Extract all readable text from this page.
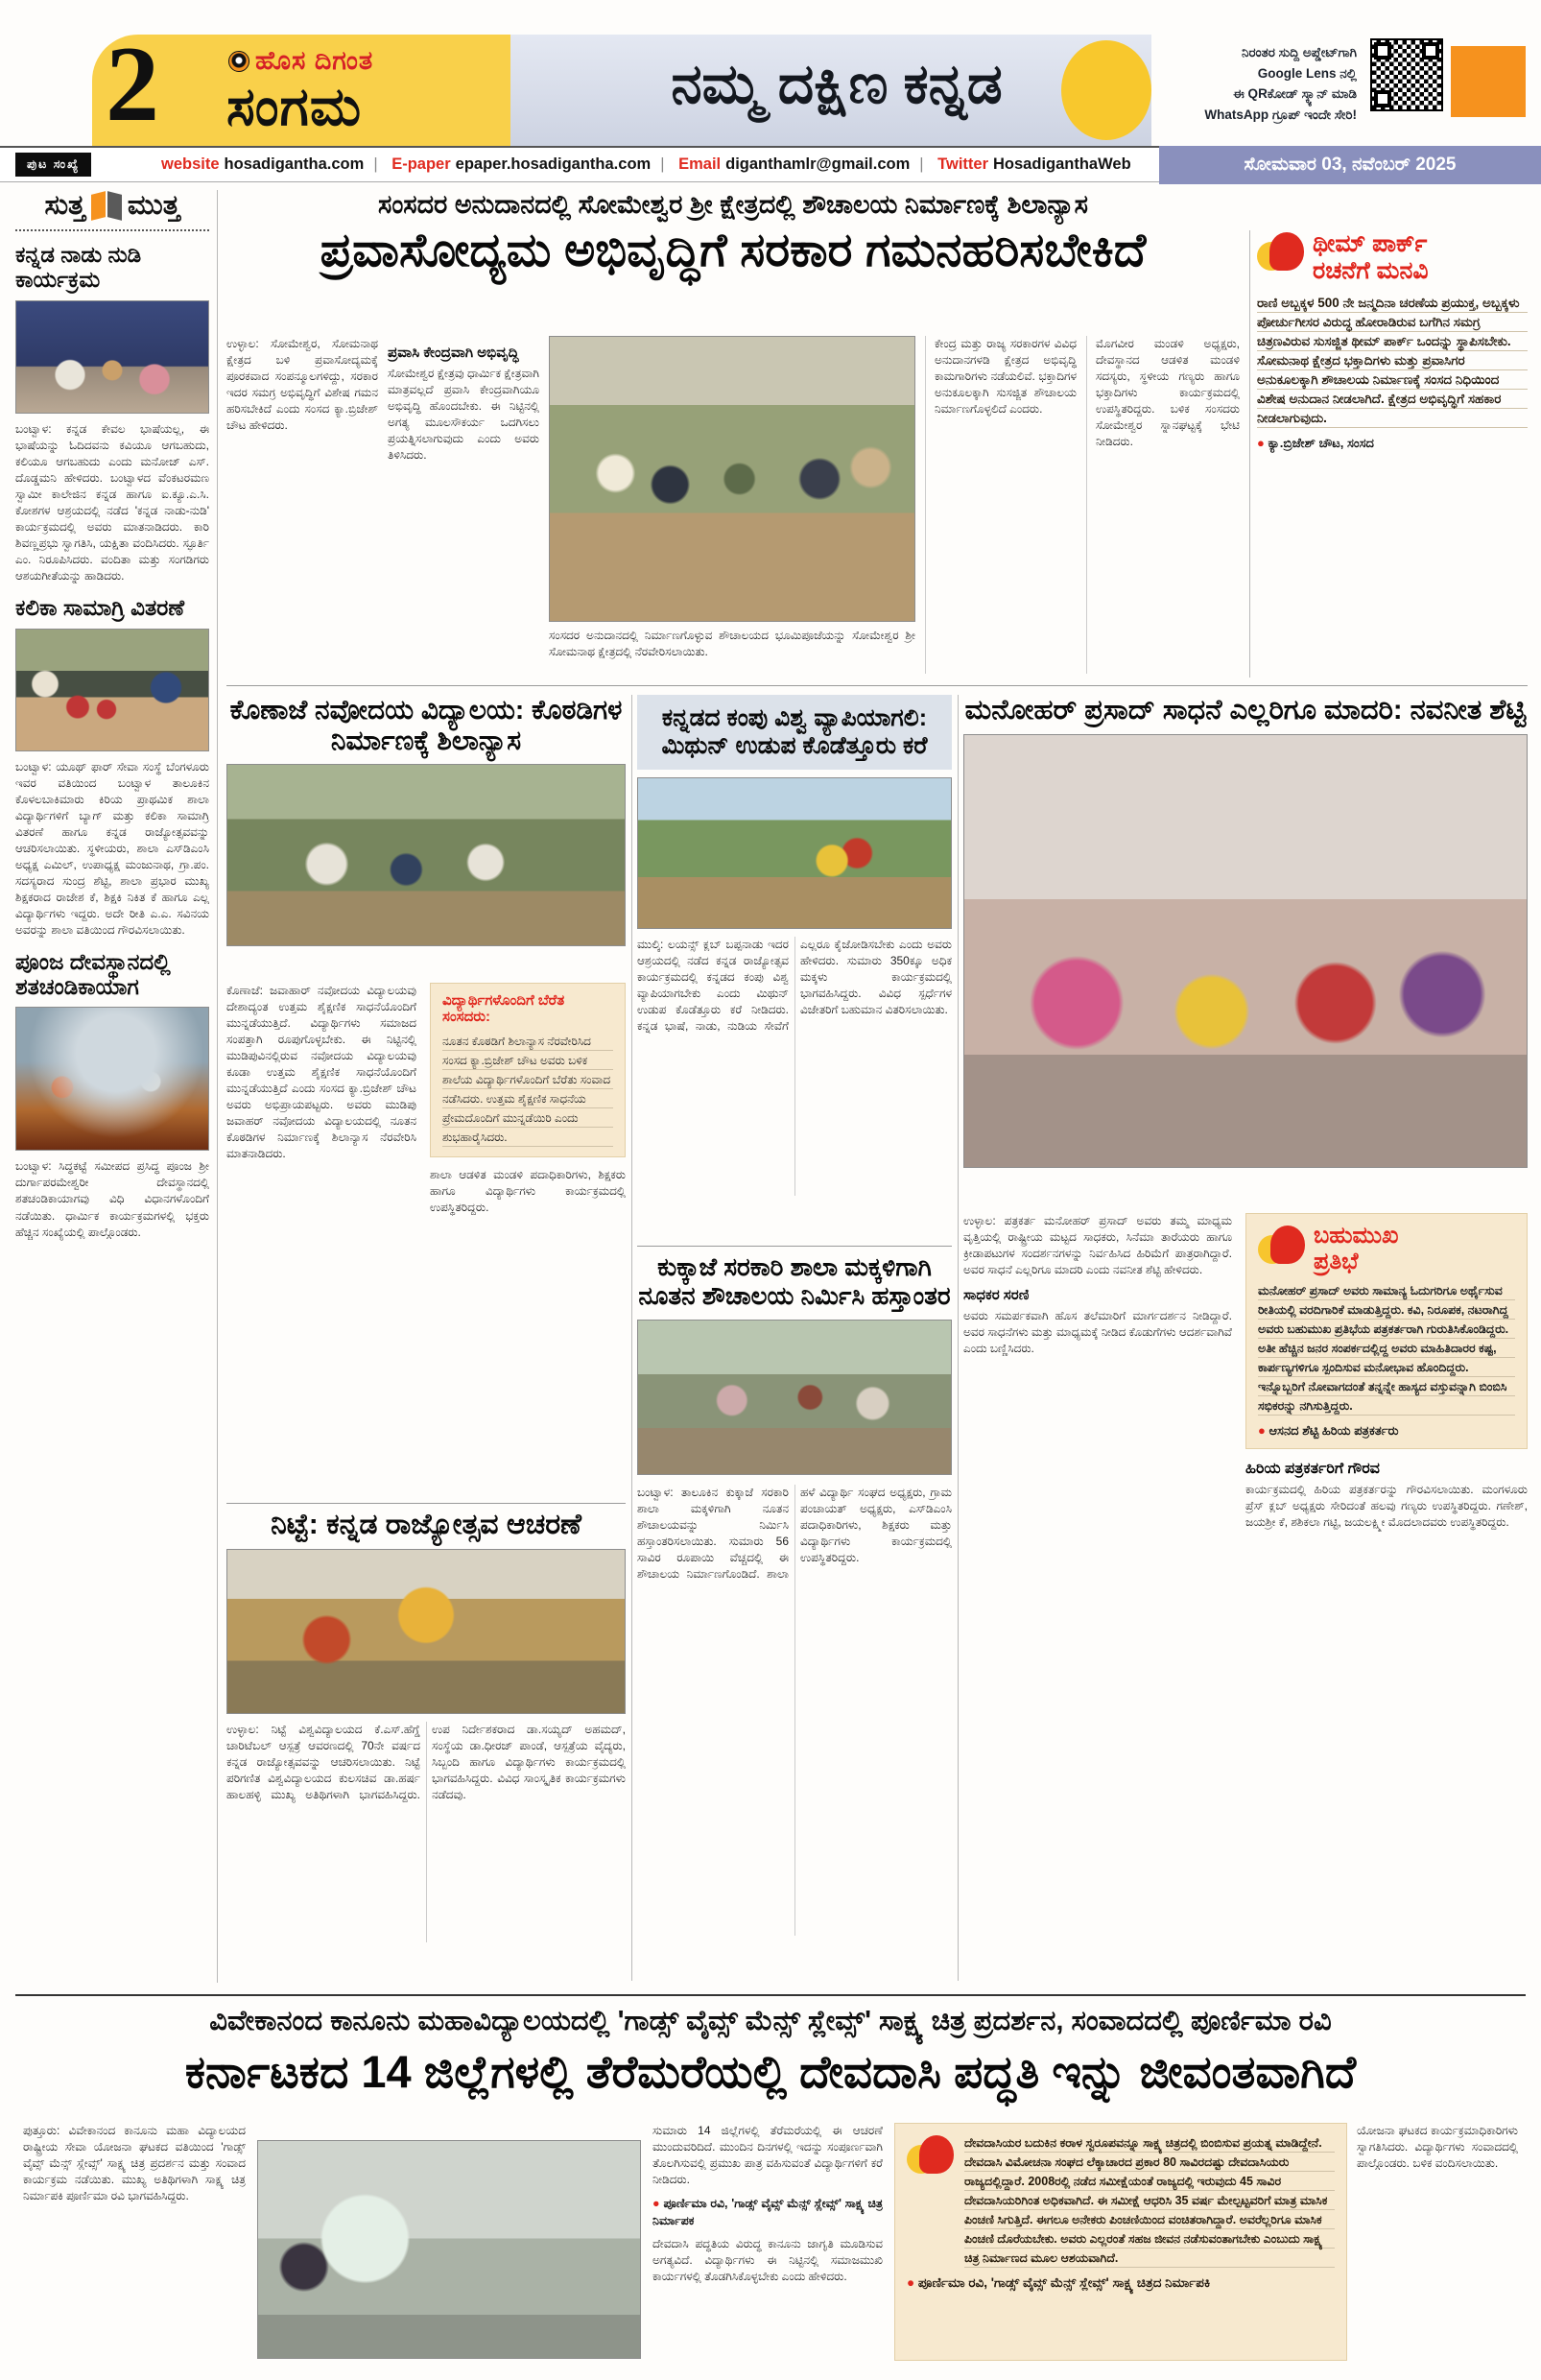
2	ಹೊಸ ದಿಗಂತ
ಸಂಗಮ	ನಮ್ಮ ದಕ್ಷಿಣ ಕನ್ನಡ
ನಿರಂತರ ಸುದ್ದಿ ಅಪ್ಡೇಟ್‌ಗಾಗಿ
Google Lens ನಲ್ಲಿ
ಈ QRಕೋಡ್ ಸ್ಕ್ಯಾನ್ ಮಾಡಿ
WhatsApp ಗ್ರೂಪ್ ಇಂದೇ ಸೇರಿ!
ಪುಟ ಸಂಖ್ಯೆ	website hosadigantha.com | E-paper epaper.hosadigantha.com | Email diganthamlr@gmail.com | Twitter HosadiganthaWeb	ಸೋಮವಾರ 03, ನವೆಂಬರ್ 2025
ಸುತ್ತ ಮುತ್ತ
ಕನ್ನಡ ನಾಡು ನುಡಿ ಕಾರ್ಯಕ್ರಮ
ಬಂಟ್ವಾಳ: ಕನ್ನಡ ಕೇವಲ ಭಾಷೆಯಲ್ಲ, ಈ ಭಾಷೆಯನ್ನು ಓದಿದವನು ಕವಿಯೂ ಆಗಬಹುದು, ಕಲಿಯೂ ಆಗಬಹುದು ಎಂದು ಮನೋಜ್ ಎಸ್. ದೊಡ್ಡಮನಿ ಹೇಳಿದರು. ಬಂಟ್ವಾಳದ ವೆಂಕಟರಮಣ ಸ್ವಾಮೀ ಕಾಲೇಜಿನ ಕನ್ನಡ ಹಾಗೂ ಐ.ಕ್ಯೂ.ಎ.ಸಿ. ಕೋಶಗಳ ಆಶ್ರಯದಲ್ಲಿ ನಡೆದ 'ಕನ್ನಡ ನಾಡು-ನುಡಿ' ಕಾರ್ಯಕ್ರಮದಲ್ಲಿ ಅವರು ಮಾತನಾಡಿದರು. ಕಾರಿ ಶಿವಣ್ಣಪ್ರಭು ಸ್ವಾಗತಿಸಿ, ಯಕ್ಷಿತಾ ವಂದಿಸಿದರು. ಸ್ಫೂರ್ತಿ ಎಂ. ನಿರೂಪಿಸಿದರು. ವಂದಿತಾ ಮತ್ತು ಸಂಗಡಿಗರು ಆಶಯಗೀತೆಯನ್ನು ಹಾಡಿದರು.
ಕಲಿಕಾ ಸಾಮಾಗ್ರಿ ವಿತರಣೆ
ಬಂಟ್ವಾಳ: ಯೂಥ್ ಫಾರ್ ಸೇವಾ ಸಂಸ್ಥೆ ಬೆಂಗಳೂರು ಇವರ ವತಿಯಿಂದ ಬಂಟ್ವಾಳ ತಾಲೂಕಿನ ಕೊಳಲಬಾಕಿಮಾರು ಕಿರಿಯ ಪ್ರಾಥಮಿಕ ಶಾಲಾ ವಿದ್ಯಾರ್ಥಿಗಳಿಗೆ ಬ್ಯಾಗ್ ಮತ್ತು ಕಲಿಕಾ ಸಾಮಾಗ್ರಿ ವಿತರಣೆ ಹಾಗೂ ಕನ್ನಡ ರಾಜ್ಯೋತ್ಸವವನ್ನು ಆಚರಿಸಲಾಯಿತು. ಸ್ಥಳೀಯರು, ಶಾಲಾ ಎಸ್‌ಡಿಎಂಸಿ ಅಧ್ಯಕ್ಷ ಎಮಿಲ್, ಉಪಾಧ್ಯಕ್ಷ ಮಂಜುನಾಥ, ಗ್ರಾ.ಪಂ. ಸದಸ್ಯರಾದ ಸುಂದ್ರ ಶೆಟ್ಟಿ, ಶಾಲಾ ಪ್ರಭಾರ ಮುಖ್ಯ ಶಿಕ್ಷಕರಾದ ರಾಜೇಶ ಕೆ, ಶಿಕ್ಷಕಿ ನಿಕಿತ ಕೆ ಹಾಗೂ ಎಲ್ಲ ವಿದ್ಯಾರ್ಥಿಗಳು ಇದ್ದರು. ಅದೇ ರೀತಿ ಎ.ಎ. ಸವಿನಯ ಅವರನ್ನು ಶಾಲಾ ವತಿಯಿಂದ ಗೌರವಿಸಲಾಯಿತು.
ಪೂಂಜ ದೇವಸ್ಥಾನದಲ್ಲಿ ಶತಚಂಡಿಕಾಯಾಗ
ಬಂಟ್ವಾಳ: ಸಿದ್ಧಕಟ್ಟೆ ಸಮೀಪದ ಪ್ರಸಿದ್ಧ ಪೂಂಜ ಶ್ರೀ ದುರ್ಗಾಪರಮೇಶ್ವರೀ ದೇವಸ್ಥಾನದಲ್ಲಿ ಶತಚಂಡಿಕಾಯಾಗವು ವಿಧಿ ವಿಧಾನಗಳೊಂದಿಗೆ ನಡೆಯಿತು. ಧಾರ್ಮಿಕ ಕಾರ್ಯಕ್ರಮಗಳಲ್ಲಿ ಭಕ್ತರು ಹೆಚ್ಚಿನ ಸಂಖ್ಯೆಯಲ್ಲಿ ಪಾಲ್ಗೊಂಡರು.
ಸಂಸದರ ಅನುದಾನದಲ್ಲಿ ಸೋಮೇಶ್ವರ ಶ್ರೀ ಕ್ಷೇತ್ರದಲ್ಲಿ ಶೌಚಾಲಯ ನಿರ್ಮಾಣಕ್ಕೆ ಶಿಲಾನ್ಯಾಸ
ಪ್ರವಾಸೋದ್ಯಮ ಅಭಿವೃದ್ಧಿಗೆ ಸರಕಾರ ಗಮನಹರಿಸಬೇಕಿದೆ
ಉಳ್ಳಾಲ: ಸೋಮೇಶ್ವರ, ಸೋಮನಾಥ ಕ್ಷೇತ್ರದ ಬಳಿ ಪ್ರವಾಸೋದ್ಯಮಕ್ಕೆ ಪೂರಕವಾದ ಸಂಪನ್ಮೂಲಗಳಿದ್ದು, ಸರಕಾರ ಇದರ ಸಮಗ್ರ ಅಭಿವೃದ್ಧಿಗೆ ವಿಶೇಷ ಗಮನ ಹರಿಸಬೇಕಿದೆ ಎಂದು ಸಂಸದ ಕ್ಯಾ.ಬ್ರಿಜೇಶ್ ಚೌಟ ಹೇಳಿದರು.
ಪ್ರವಾಸಿ ಕೇಂದ್ರವಾಗಿ ಅಭಿವೃದ್ಧಿ
ಸೋಮೇಶ್ವರ ಕ್ಷೇತ್ರವು ಧಾರ್ಮಿಕ ಕ್ಷೇತ್ರವಾಗಿ ಮಾತ್ರವಲ್ಲದೆ ಪ್ರವಾಸಿ ಕೇಂದ್ರವಾಗಿಯೂ ಅಭಿವೃದ್ಧಿ ಹೊಂದಬೇಕು. ಈ ನಿಟ್ಟಿನಲ್ಲಿ ಅಗತ್ಯ ಮೂಲಸೌಕರ್ಯ ಒದಗಿಸಲು ಪ್ರಯತ್ನಿಸಲಾಗುವುದು ಎಂದು ಅವರು ತಿಳಿಸಿದರು.
ಸಂಸದರ ಅನುದಾನದಲ್ಲಿ ನಿರ್ಮಾಣಗೊಳ್ಳುವ ಶೌಚಾಲಯದ ಭೂಮಿಪೂಜೆಯನ್ನು ಸೋಮೇಶ್ವರ ಶ್ರೀ ಸೋಮನಾಥ ಕ್ಷೇತ್ರದಲ್ಲಿ ನೆರವೇರಿಸಲಾಯಿತು.
ಕೇಂದ್ರ ಮತ್ತು ರಾಜ್ಯ ಸರಕಾರಗಳ ವಿವಿಧ ಅನುದಾನಗಳಡಿ ಕ್ಷೇತ್ರದ ಅಭಿವೃದ್ಧಿ ಕಾಮಗಾರಿಗಳು ನಡೆಯಲಿವೆ. ಭಕ್ತಾದಿಗಳ ಅನುಕೂಲಕ್ಕಾಗಿ ಸುಸಜ್ಜಿತ ಶೌಚಾಲಯ ನಿರ್ಮಾಣಗೊಳ್ಳಲಿದೆ ಎಂದರು.
ಮೊಗವೀರ ಮಂಡಳಿ ಅಧ್ಯಕ್ಷರು, ದೇವಸ್ಥಾನದ ಆಡಳಿತ ಮಂಡಳಿ ಸದಸ್ಯರು, ಸ್ಥಳೀಯ ಗಣ್ಯರು ಹಾಗೂ ಭಕ್ತಾದಿಗಳು ಕಾರ್ಯಕ್ರಮದಲ್ಲಿ ಉಪಸ್ಥಿತರಿದ್ದರು. ಬಳಿಕ ಸಂಸದರು ಸೋಮೇಶ್ವರ ಸ್ನಾನಘಟ್ಟಕ್ಕೆ ಭೇಟಿ ನೀಡಿದರು.
ಥೀಮ್ ಪಾರ್ಕ್
ರಚನೆಗೆ ಮನವಿ
ರಾಣಿ ಅಬ್ಬಕ್ಕಳ 500 ನೇ ಜನ್ಮದಿನಾ ಚರಣೆಯ ಪ್ರಯುಕ್ತ, ಅಬ್ಬಕ್ಕಳು ಪೋರ್ಚುಗೀಸರ ವಿರುದ್ಧ ಹೋರಾಡಿರುವ ಬಗೆಗಿನ ಸಮಗ್ರ ಚಿತ್ರಣವಿರುವ ಸುಸಜ್ಜಿತ ಥೀಮ್ ಪಾರ್ಕ್ ಒಂದನ್ನು ಸ್ಥಾಪಿಸಬೇಕು. ಸೋಮನಾಥ ಕ್ಷೇತ್ರದ ಭಕ್ತಾದಿಗಳು ಮತ್ತು ಪ್ರವಾಸಿಗರ ಅನುಕೂಲಕ್ಕಾಗಿ ಶೌಚಾಲಯ ನಿರ್ಮಾಣಕ್ಕೆ ಸಂಸದ ನಿಧಿಯಿಂದ ವಿಶೇಷ ಅನುದಾನ ನೀಡಲಾಗಿದೆ. ಕ್ಷೇತ್ರದ ಅಭಿವೃದ್ಧಿಗೆ ಸಹಕಾರ ನೀಡಲಾಗುವುದು.
● ಕ್ಯಾ.ಬ್ರಿಜೇಶ್ ಚೌಟ, ಸಂಸದ
ಕೊಣಾಜೆ ನವೋದಯ ವಿದ್ಯಾಲಯ: ಕೊಠಡಿಗಳ ನಿರ್ಮಾಣಕ್ಕೆ ಶಿಲಾನ್ಯಾಸ
ಕೊಣಾಜೆ: ಜವಾಹಾರ್ ನವೋದಯ ವಿದ್ಯಾಲಯವು ದೇಶಾದ್ಯಂತ ಉತ್ತಮ ಶೈಕ್ಷಣಿಕ ಸಾಧನೆಯೊಂದಿಗೆ ಮುನ್ನಡೆಯುತ್ತಿದೆ. ವಿದ್ಯಾರ್ಥಿಗಳು ಸಮಾಜದ ಸಂಪತ್ತಾಗಿ ರೂಪುಗೊಳ್ಳಬೇಕು. ಈ ನಿಟ್ಟಿನಲ್ಲಿ ಮುಡಿಪುವಿನಲ್ಲಿರುವ ನವೋದಯ ವಿದ್ಯಾಲಯವು ಕೂಡಾ ಉತ್ತಮ ಶೈಕ್ಷಣಿಕ ಸಾಧನೆಯೊಂದಿಗೆ ಮುನ್ನಡೆಯುತ್ತಿದೆ ಎಂದು ಸಂಸದ ಕ್ಯಾ.ಬ್ರಿಜೇಶ್ ಚೌಟ ಅವರು ಅಭಿಪ್ರಾಯಪಟ್ಟರು. ಅವರು ಮುಡಿಪು ಜವಾಹರ್ ನವೋದಯ ವಿದ್ಯಾಲಯದಲ್ಲಿ ನೂತನ ಕೊಠಡಿಗಳ ನಿರ್ಮಾಣಕ್ಕೆ ಶಿಲಾನ್ಯಾಸ ನೆರವೇರಿಸಿ ಮಾತನಾಡಿದರು.
ವಿದ್ಯಾರ್ಥಿಗಳೊಂದಿಗೆ ಬೆರೆತ ಸಂಸದರು:
ನೂತನ ಕೊಠಡಿಗೆ ಶಿಲಾನ್ಯಾಸ ನೆರವೇರಿಸಿದ ಸಂಸದ ಕ್ಯಾ.ಬ್ರಿಜೇಶ್ ಚೌಟ ಅವರು ಬಳಿಕ ಶಾಲೆಯ ವಿದ್ಯಾರ್ಥಿಗಳೊಂದಿಗೆ ಬೆರೆತು ಸಂವಾದ ನಡೆಸಿದರು. ಉತ್ತಮ ಶೈಕ್ಷಣಿಕ ಸಾಧನೆಯ ಪ್ರೇಮದೊಂದಿಗೆ ಮುನ್ನಡೆಯಿರಿ ಎಂದು ಶುಭಹಾರೈಸಿದರು.
ಶಾಲಾ ಆಡಳಿತ ಮಂಡಳಿ ಪದಾಧಿಕಾರಿಗಳು, ಶಿಕ್ಷಕರು ಹಾಗೂ ವಿದ್ಯಾರ್ಥಿಗಳು ಕಾರ್ಯಕ್ರಮದಲ್ಲಿ ಉಪಸ್ಥಿತರಿದ್ದರು.
ಕನ್ನಡದ ಕಂಪು ವಿಶ್ವ ವ್ಯಾಪಿಯಾಗಲಿ: ಮಿಥುನ್ ಉಡುಪ ಕೊಡೆತ್ತೂರು ಕರೆ
ಮುಲ್ಕಿ: ಲಯನ್ಸ್ ಕ್ಲಬ್ ಬಪ್ಪನಾಡು ಇದರ ಆಶ್ರಯದಲ್ಲಿ ನಡೆದ ಕನ್ನಡ ರಾಜ್ಯೋತ್ಸವ ಕಾರ್ಯಕ್ರಮದಲ್ಲಿ ಕನ್ನಡದ ಕಂಪು ವಿಶ್ವ ವ್ಯಾಪಿಯಾಗಬೇಕು ಎಂದು ಮಿಥುನ್ ಉಡುಪ ಕೊಡೆತ್ತೂರು ಕರೆ ನೀಡಿದರು. ಕನ್ನಡ ಭಾಷೆ, ನಾಡು, ನುಡಿಯ ಸೇವೆಗೆ ಎಲ್ಲರೂ ಕೈಜೋಡಿಸಬೇಕು ಎಂದು ಅವರು ಹೇಳಿದರು. ಸುಮಾರು 350ಕ್ಕೂ ಅಧಿಕ ಮಕ್ಕಳು ಕಾರ್ಯಕ್ರಮದಲ್ಲಿ ಭಾಗವಹಿಸಿದ್ದರು. ವಿವಿಧ ಸ್ಪರ್ಧೆಗಳ ವಿಜೇತರಿಗೆ ಬಹುಮಾನ ವಿತರಿಸಲಾಯಿತು.
ಕುಕ್ಕಾಜೆ ಸರಕಾರಿ ಶಾಲಾ ಮಕ್ಕಳಿಗಾಗಿ ನೂತನ ಶೌಚಾಲಯ ನಿರ್ಮಿಸಿ ಹಸ್ತಾಂತರ
ಬಂಟ್ವಾಳ: ತಾಲೂಕಿನ ಕುಕ್ಕಾಜೆ ಸರಕಾರಿ ಶಾಲಾ ಮಕ್ಕಳಿಗಾಗಿ ನೂತನ ಶೌಚಾಲಯವನ್ನು ನಿರ್ಮಿಸಿ ಹಸ್ತಾಂತರಿಸಲಾಯಿತು. ಸುಮಾರು 56 ಸಾವಿರ ರೂಪಾಯಿ ವೆಚ್ಚದಲ್ಲಿ ಈ ಶೌಚಾಲಯ ನಿರ್ಮಾಣಗೊಂಡಿದೆ. ಶಾಲಾ ಹಳೆ ವಿದ್ಯಾರ್ಥಿ ಸಂಘದ ಅಧ್ಯಕ್ಷರು, ಗ್ರಾಮ ಪಂಚಾಯತ್ ಅಧ್ಯಕ್ಷರು, ಎಸ್‌ಡಿಎಂಸಿ ಪದಾಧಿಕಾರಿಗಳು, ಶಿಕ್ಷಕರು ಮತ್ತು ವಿದ್ಯಾರ್ಥಿಗಳು ಕಾರ್ಯಕ್ರಮದಲ್ಲಿ ಉಪಸ್ಥಿತರಿದ್ದರು.
ಮನೋಹರ್ ಪ್ರಸಾದ್ ಸಾಧನೆ ಎಲ್ಲರಿಗೂ ಮಾದರಿ: ನವನೀತ ಶೆಟ್ಟಿ
ಉಳ್ಳಾಲ: ಪತ್ರಕರ್ತ ಮನೋಹರ್ ಪ್ರಸಾದ್ ಅವರು ತಮ್ಮ ಮಾಧ್ಯಮ ವೃತ್ತಿಯಲ್ಲಿ ರಾಷ್ಟ್ರೀಯ ಮಟ್ಟದ ಸಾಧಕರು, ಸಿನೆಮಾ ತಾರೆಯರು ಹಾಗೂ ಕ್ರೀಡಾಪಟುಗಳ ಸಂದರ್ಶನಗಳನ್ನು ನಿರ್ವಹಿಸಿದ ಹಿರಿಮೆಗೆ ಪಾತ್ರರಾಗಿದ್ದಾರೆ. ಅವರ ಸಾಧನೆ ಎಲ್ಲರಿಗೂ ಮಾದರಿ ಎಂದು ನವನೀತ ಶೆಟ್ಟಿ ಹೇಳಿದರು.
ಸಾಧಕರ ಸರಣಿ
ಅವರು ಸಮರ್ಪಕವಾಗಿ ಹೊಸ ತಲೆಮಾರಿಗೆ ಮಾರ್ಗದರ್ಶನ ನೀಡಿದ್ದಾರೆ. ಅವರ ಸಾಧನೆಗಳು ಮತ್ತು ಮಾಧ್ಯಮಕ್ಕೆ ನೀಡಿದ ಕೊಡುಗೆಗಳು ಆದರ್ಶವಾಗಿವೆ ಎಂದು ಬಣ್ಣಿಸಿದರು.
ಬಹುಮುಖ
ಪ್ರತಿಭೆ
ಮನೋಹರ್ ಪ್ರಸಾದ್ ಅವರು ಸಾಮಾನ್ಯ ಓದುಗರಿಗೂ ಅರ್ಥೈಸುವ ರೀತಿಯಲ್ಲಿ ವರದಿಗಾರಿಕೆ ಮಾಡುತ್ತಿದ್ದರು. ಕವಿ, ನಿರೂಪಕ, ನಟರಾಗಿದ್ದ ಅವರು ಬಹುಮುಖ ಪ್ರತಿಭೆಯ ಪತ್ರಕರ್ತರಾಗಿ ಗುರುತಿಸಿಕೊಂಡಿದ್ದರು. ಅತೀ ಹೆಚ್ಚಿನ ಜನರ ಸಂಪರ್ಕದಲ್ಲಿದ್ದ ಅವರು ಮಾಹಿತಿದಾರರ ಕಷ್ಟ, ಕಾರ್ಪಣ್ಯಗಳಿಗೂ ಸ್ಪಂದಿಸುವ ಮನೋಭಾವ ಹೊಂದಿದ್ದರು. ಇನ್ನೊಬ್ಬರಿಗೆ ನೋವಾಗದಂತೆ ತನ್ನನ್ನೇ ಹಾಸ್ಯದ ವಸ್ತುವನ್ನಾಗಿ ಬಿಂಬಿಸಿ ಸಭಿಕರನ್ನು ನಗಿಸುತ್ತಿದ್ದರು.
● ಆಸನದ ಶೆಟ್ಟಿ ಹಿರಿಯ ಪತ್ರಕರ್ತರು
ಹಿರಿಯ ಪತ್ರಕರ್ತರಿಗೆ ಗೌರವ
ಕಾರ್ಯಕ್ರಮದಲ್ಲಿ ಹಿರಿಯ ಪತ್ರಕರ್ತರನ್ನು ಗೌರವಿಸಲಾಯಿತು. ಮಂಗಳೂರು ಪ್ರೆಸ್ ಕ್ಲಬ್ ಅಧ್ಯಕ್ಷರು ಸೇರಿದಂತೆ ಹಲವು ಗಣ್ಯರು ಉಪಸ್ಥಿತರಿದ್ದರು. ಗಣೇಶ್, ಜಯಶ್ರೀ ಕೆ, ಶಶಿಕಲಾ ಗಟ್ಟಿ, ಜಯಲಕ್ಷ್ಮೀ ಮೊದಲಾದವರು ಉಪಸ್ಥಿತರಿದ್ದರು.
ನಿಟ್ಟೆ: ಕನ್ನಡ ರಾಜ್ಯೋತ್ಸವ ಆಚರಣೆ
ಉಳ್ಳಾಲ: ನಿಟ್ಟೆ ವಿಶ್ವವಿದ್ಯಾಲಯದ ಕೆ.ಎಸ್.ಹೆಗ್ಡೆ ಚಾರಿಟೆಬಲ್ ಆಸ್ಪತ್ರೆ ಆವರಣದಲ್ಲಿ 70ನೇ ವರ್ಷದ ಕನ್ನಡ ರಾಜ್ಯೋತ್ಸವವನ್ನು ಆಚರಿಸಲಾಯಿತು. ನಿಟ್ಟೆ ಪರಿಗಣಿತ ವಿಶ್ವವಿದ್ಯಾಲಯದ ಕುಲಸಚಿವ ಡಾ.ಹರ್ಷ ಹಾಲಹಳ್ಳಿ ಮುಖ್ಯ ಅತಿಥಿಗಳಾಗಿ ಭಾಗವಹಿಸಿದ್ದರು. ಉಪ ನಿರ್ದೇಶಕರಾದ ಡಾ.ಸಯ್ಯದ್ ಅಹಮದ್, ಸಂಸ್ಥೆಯ ಡಾ.ಧೀರಜ್ ಪಾಂಡೆ, ಆಸ್ಪತ್ರೆಯ ವೈದ್ಯರು, ಸಿಬ್ಬಂದಿ ಹಾಗೂ ವಿದ್ಯಾರ್ಥಿಗಳು ಕಾರ್ಯಕ್ರಮದಲ್ಲಿ ಭಾಗವಹಿಸಿದ್ದರು. ವಿವಿಧ ಸಾಂಸ್ಕೃತಿಕ ಕಾರ್ಯಕ್ರಮಗಳು ನಡೆದವು.
ವಿವೇಕಾನಂದ ಕಾನೂನು ಮಹಾವಿದ್ಯಾಲಯದಲ್ಲಿ 'ಗಾಡ್ಸ್ ವೈವ್ಸ್ ಮೆನ್ಸ್ ಸ್ಲೇವ್ಸ್' ಸಾಕ್ಷ್ಯ ಚಿತ್ರ ಪ್ರದರ್ಶನ, ಸಂವಾದದಲ್ಲಿ ಪೂರ್ಣಿಮಾ ರವಿ
ಕರ್ನಾಟಕದ 14 ಜಿಲ್ಲೆಗಳಲ್ಲಿ ತೆರೆಮರೆಯಲ್ಲಿ ದೇವದಾಸಿ ಪದ್ಧತಿ ಇನ್ನು ಜೀವಂತವಾಗಿದೆ
ಪುತ್ತೂರು: ವಿವೇಕಾನಂದ ಕಾನೂನು ಮಹಾ ವಿದ್ಯಾಲಯದ ರಾಷ್ಟ್ರೀಯ ಸೇವಾ ಯೋಜನಾ ಘಟಕದ ವತಿಯಿಂದ 'ಗಾಡ್ಸ್ ವೈವ್ಸ್ ಮೆನ್ಸ್ ಸ್ಲೇವ್ಸ್' ಸಾಕ್ಷ್ಯ ಚಿತ್ರ ಪ್ರದರ್ಶನ ಮತ್ತು ಸಂವಾದ ಕಾರ್ಯಕ್ರಮ ನಡೆಯಿತು. ಮುಖ್ಯ ಅತಿಥಿಗಳಾಗಿ ಸಾಕ್ಷ್ಯ ಚಿತ್ರ ನಿರ್ಮಾಪಕಿ ಪೂರ್ಣಿಮಾ ರವಿ ಭಾಗವಹಿಸಿದ್ದರು.
ಸುಮಾರು 14 ಜಿಲ್ಲೆಗಳಲ್ಲಿ ತೆರೆಮರೆಯಲ್ಲಿ ಈ ಆಚರಣೆ ಮುಂದುವರಿದಿದೆ. ಮುಂದಿನ ದಿನಗಳಲ್ಲಿ ಇದನ್ನು ಸಂಪೂರ್ಣವಾಗಿ ತೊಲಗಿಸುವಲ್ಲಿ ಪ್ರಮುಖ ಪಾತ್ರ ವಹಿಸುವಂತೆ ವಿದ್ಯಾರ್ಥಿಗಳಿಗೆ ಕರೆ ನೀಡಿದರು.
● ಪೂರ್ಣಿಮಾ ರವಿ, 'ಗಾಡ್ಸ್ ವೈವ್ಸ್ ಮೆನ್ಸ್ ಸ್ಲೇವ್ಸ್' ಸಾಕ್ಷ್ಯ ಚಿತ್ರ ನಿರ್ಮಾಪಕ
ದೇವದಾಸಿ ಪದ್ಧತಿಯ ವಿರುದ್ಧ ಕಾನೂನು ಜಾಗೃತಿ ಮೂಡಿಸುವ ಅಗತ್ಯವಿದೆ. ವಿದ್ಯಾರ್ಥಿಗಳು ಈ ನಿಟ್ಟಿನಲ್ಲಿ ಸಮಾಜಮುಖಿ ಕಾರ್ಯಗಳಲ್ಲಿ ತೊಡಗಿಸಿಕೊಳ್ಳಬೇಕು ಎಂದು ಹೇಳಿದರು.
ದೇವದಾಸಿಯರ ಬದುಕಿನ ಕರಾಳ ಸ್ವರೂಪವನ್ನೂ ಸಾಕ್ಷ್ಯ ಚಿತ್ರದಲ್ಲಿ ಬಿಂಬಿಸುವ ಪ್ರಯತ್ನ ಮಾಡಿದ್ದೇನೆ. ದೇವದಾಸಿ ವಿಮೋಚನಾ ಸಂಘದ ಲೆಕ್ಕಾಚಾರದ ಪ್ರಕಾರ 80 ಸಾವಿರದಷ್ಟು ದೇವದಾಸಿಯರು ರಾಜ್ಯದಲ್ಲಿದ್ದಾರೆ. 2008ರಲ್ಲಿ ನಡೆದ ಸಮೀಕ್ಷೆಯಂತೆ ರಾಜ್ಯದಲ್ಲಿ ಇರುವುದು 45 ಸಾವಿರ ದೇವದಾಸಿಯರಿಗಿಂತ ಅಧಿಕವಾಗಿದೆ. ಈ ಸಮೀಕ್ಷೆ ಆಧರಿಸಿ 35 ವರ್ಷ ಮೇಲ್ಪಟ್ಟವರಿಗೆ ಮಾತ್ರ ಮಾಸಿಕ ಪಿಂಚಣಿ ಸಿಗುತ್ತಿದೆ. ಈಗಲೂ ಅನೇಕರು ಪಿಂಚಣಿಯಿಂದ ವಂಚಿತರಾಗಿದ್ದಾರೆ. ಅವರೆಲ್ಲರಿಗೂ ಮಾಸಿಕ ಪಿಂಚಣಿ ದೊರೆಯಬೇಕು. ಅವರು ಎಲ್ಲರಂತೆ ಸಹಜ ಜೀವನ ನಡೆಸುವಂತಾಗಬೇಕು ಎಂಬುದು ಸಾಕ್ಷ್ಯ ಚಿತ್ರ ನಿರ್ಮಾಣದ ಮೂಲ ಆಶಯವಾಗಿದೆ.
● ಪೂರ್ಣಿಮಾ ರವಿ, 'ಗಾಡ್ಸ್ ವೈವ್ಸ್ ಮೆನ್ಸ್ ಸ್ಲೇವ್ಸ್' ಸಾಕ್ಷ್ಯ ಚಿತ್ರದ ನಿರ್ಮಾಪಕಿ
ಯೋಜನಾ ಘಟಕದ ಕಾರ್ಯಕ್ರಮಾಧಿಕಾರಿಗಳು ಸ್ವಾಗತಿಸಿದರು. ವಿದ್ಯಾರ್ಥಿಗಳು ಸಂವಾದದಲ್ಲಿ ಪಾಲ್ಗೊಂಡರು. ಬಳಿಕ ವಂದಿಸಲಾಯಿತು.
